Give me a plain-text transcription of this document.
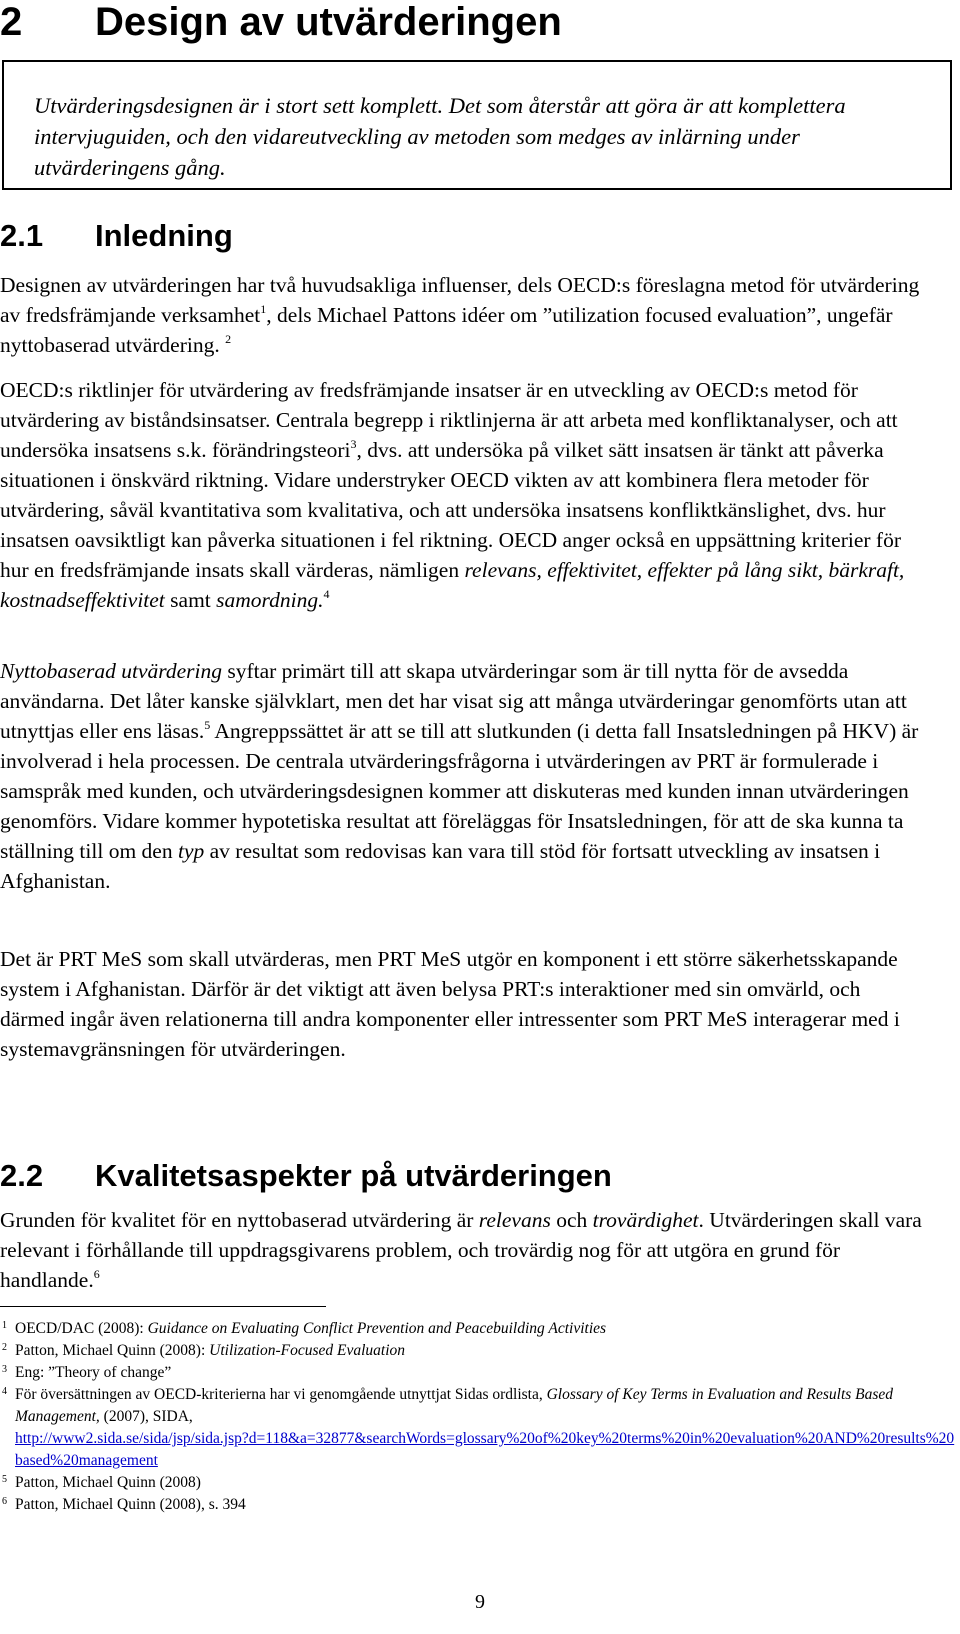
2 Design av utvärderingen
Utvärderingsdesignen är i stort sett komplett. Det som återstår att göra är att komplettera intervjuguiden, och den vidareutveckling av metoden som medges av inlärning under utvärderingens gång.
2.1 Inledning

Designen av utvärderingen har två huvudsakliga influenser, dels OECD:s föreslagna metod för utvärdering av fredsfrämjande verksamhet$^1$, dels Michael Pattons idéer om ”utilization focused evaluation”, ungefär nyttobaserad utvärdering. $^2$

OECD:s riktlinjer för utvärdering av fredsfrämjande insatser är en utveckling av OECD:s metod för utvärdering av biståndsinsatser. Centrala begrepp i riktlinjerna är att arbeta med konfliktanalyser, och att undersöka insatsens s.k. förändringsteori$^3$, dvs. att undersöka på vilket sätt insatsen är tänkt att påverka situationen i önskvärd riktning. Vidare understryker OECD vikten av att kombinera flera metoder för utvärdering, såväl kvantitativa som kvalitativa, och att undersöka insatsens konfliktkänslighet, dvs. hur insatsen oavsiktligt kan påverka situationen i fel riktning. OECD anger också en uppsättning kriterier för hur en fredsfrämjande insats skall värderas, nämligen relevans, effektivitet, effekter på lång sikt, bärkraft, kostnadseffektivitet samt samordning.$^4$

Nyttobaserad utvärdering syftar primärt till att skapa utvärderingar som är till nytta för de avsedda användarna. Det låter kanske självklart, men det har visat sig att många utvärderingar genomförts utan att utnyttjas eller ens läsas.$^5$ Angreppssättet är att se till att slutkunden (i detta fall Insatsledningen på HKV) är involverad i hela processen. De centrala utvärderingsfrågorna i utvärderingen av PRT är formulerade i samspråk med kunden, och utvärderingsdesignen kommer att diskuteras med kunden innan utvärderingen genomförs. Vidare kommer hypotetiska resultat att föreläggas för Insatsledningen, för att de ska kunna ta ställning till om den typ av resultat som redovisas kan vara till stöd för fortsatt utveckling av insatsen i Afghanistan.

Det är PRT MeS som skall utvärderas, men PRT MeS utgör en komponent i ett större säkerhetsskapande system i Afghanistan. Därför är det viktigt att även belysa PRT:s interaktioner med sin omvärld, och därmed ingår även relationerna till andra komponenter eller intressenter som PRT MeS interagerar med i systemavgränsningen för utvärderingen.

2.2 Kvalitetsaspekter på utvärderingen

Grunden för kvalitet för en nyttobaserad utvärdering är relevans och trovärdighet. Utvärderingen skall vara relevant i förhållande till uppdragsgivarens problem, och trovärdig nog för att utgöra en grund för handlande.$^6$

1 OECD/DAC (2008): Guidance on Evaluating Conflict Prevention and Peacebuilding Activities
2 Patton, Michael Quinn (2008): Utilization-Focused Evaluation
3 Eng: ”Theory of change”
4 För översättningen av OECD-kriterierna har vi genomgående utnyttjat Sidas ordlista, Glossary of Key Terms in Evaluation and Results Based Management, (2007), SIDA,
http://www2.sida.se/sida/jsp/sida.jsp?d=118&a=32877&searchWords=glossary%20of%20key%20terms%20in%20evaluation%20AND%20results%20based%20management
5 Patton, Michael Quinn (2008)
6 Patton, Michael Quinn (2008), s. 394
9
